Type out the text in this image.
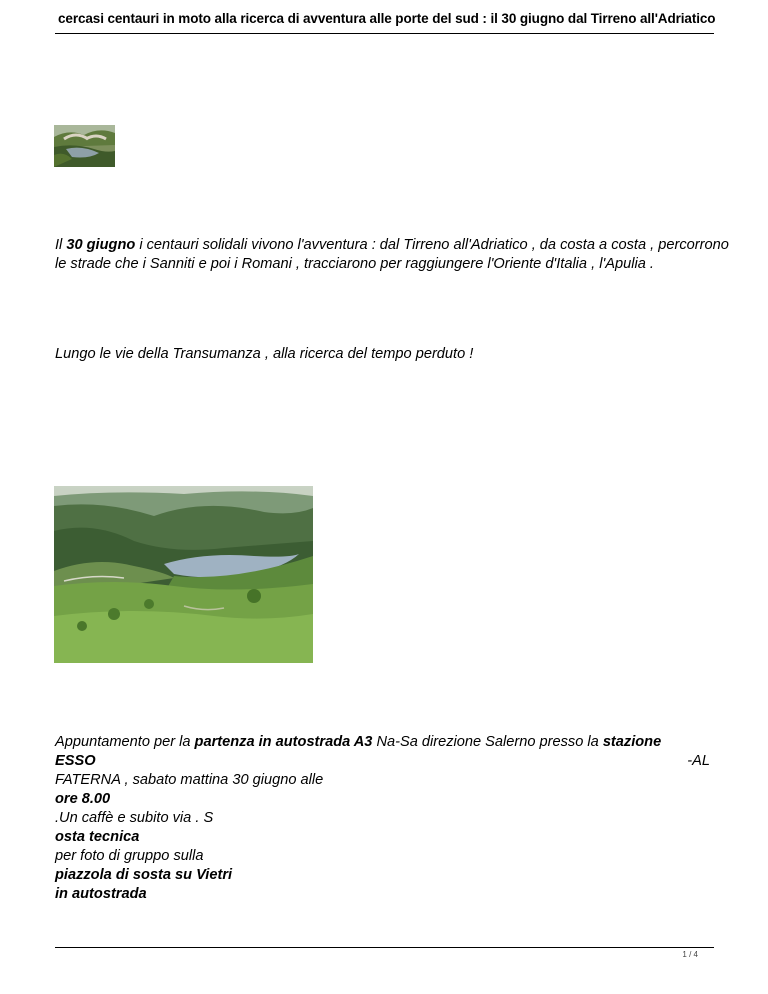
cercasi centauri in moto alla ricerca di avventura alle porte del sud : il 30 giugno dal Tirreno all'Adriatico
Il 30 giugno i centauri solidali vivono l'avventura : dal Tirreno all'Adriatico , da costa a costa , percorrono le strade che i Sanniti e poi i Romani , tracciarono per raggiungere l'Oriente d'Italia , l'Apulia .
Lungo le vie della Transumanza , alla ricerca del tempo perduto !
Appuntamento per la partenza in autostrada A3 Na-Sa direzione Salerno presso la stazione
ESSO	-AL
FATERNA , sabato mattina 30 giugno alle
ore 8.00
.Un caffè e subito via . S
osta tecnica
per foto di gruppo sulla
piazzola di sosta su Vietri
in autostrada
1 / 4
